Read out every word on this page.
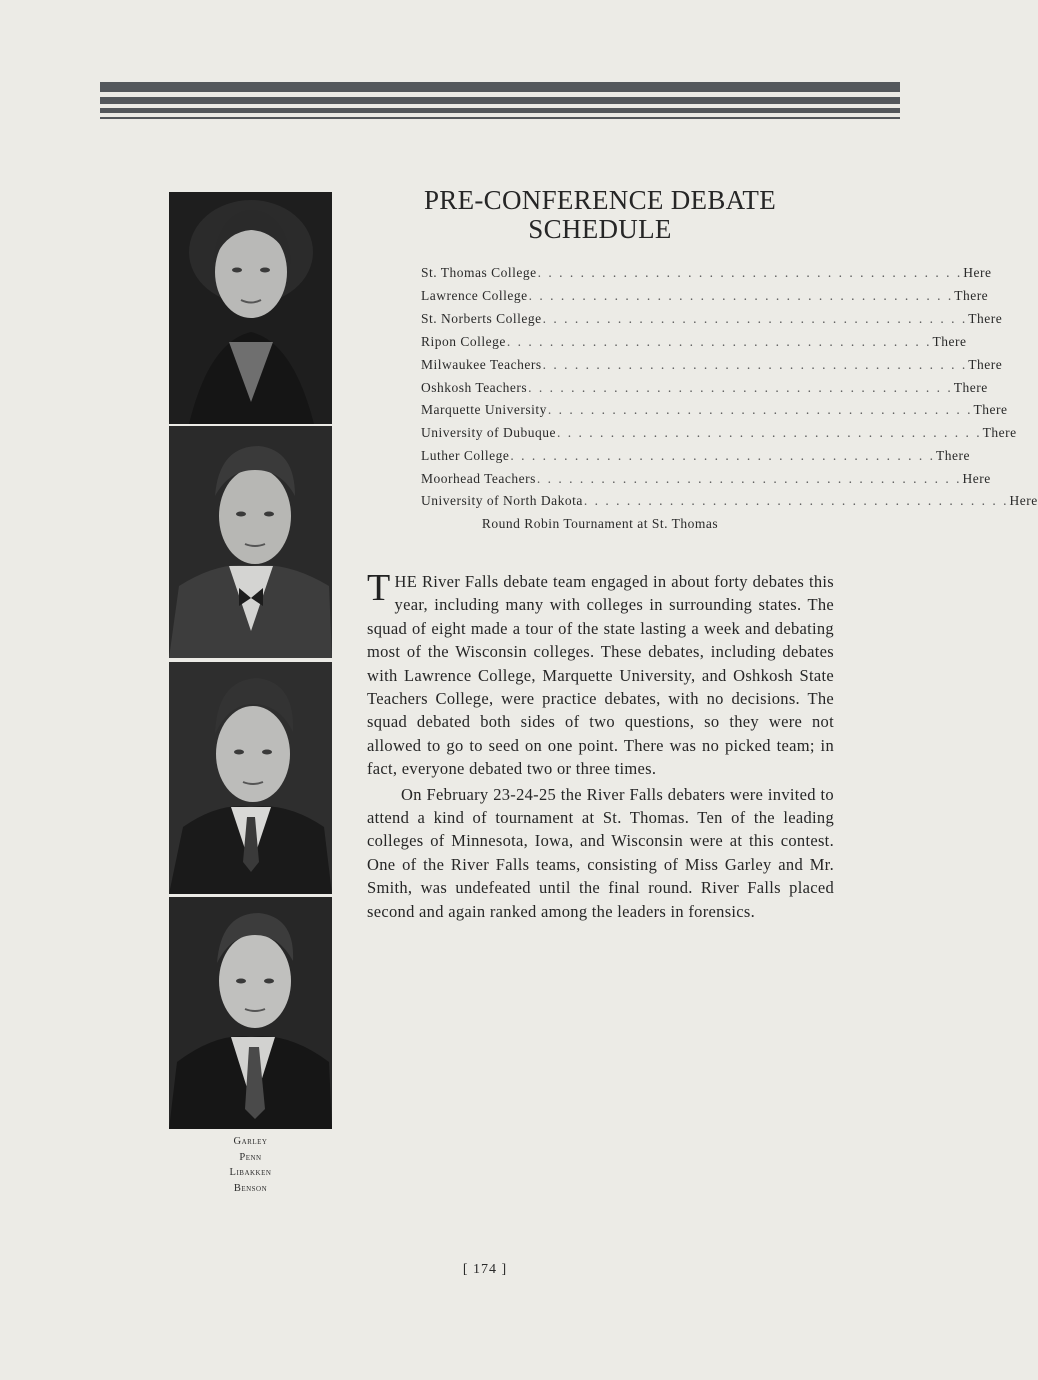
Garley
Penn
Libakken
Benson
PRE-CONFERENCE DEBATE
SCHEDULE
St. Thomas College . . . . . . . . . . . . . . . . . . . . . . . . . . . . . . . . . . . . . . . . Here
Lawrence College . . . . . . . . . . . . . . . . . . . . . . . . . . . . . . . . . . . . . . . . There
St. Norberts College . . . . . . . . . . . . . . . . . . . . . . . . . . . . . . . . . . . . . . . . There
Ripon College . . . . . . . . . . . . . . . . . . . . . . . . . . . . . . . . . . . . . . . . There
Milwaukee Teachers . . . . . . . . . . . . . . . . . . . . . . . . . . . . . . . . . . . . . . . . There
Oshkosh Teachers . . . . . . . . . . . . . . . . . . . . . . . . . . . . . . . . . . . . . . . . There
Marquette University . . . . . . . . . . . . . . . . . . . . . . . . . . . . . . . . . . . . . . . . There
University of Dubuque . . . . . . . . . . . . . . . . . . . . . . . . . . . . . . . . . . . . . . . . There
Luther College . . . . . . . . . . . . . . . . . . . . . . . . . . . . . . . . . . . . . . . . There
Moorhead Teachers . . . . . . . . . . . . . . . . . . . . . . . . . . . . . . . . . . . . . . . . Here
University of North Dakota . . . . . . . . . . . . . . . . . . . . . . . . . . . . . . . . . . . . . . . . Here
Round Robin Tournament at St. Thomas

THE River Falls debate team engaged in about forty debates this year, including many with colleges in surrounding states. The squad of eight made a tour of the state lasting a week and debating most of the Wisconsin colleges. These debates, including debates with Lawrence College, Marquette University, and Oshkosh State Teachers College, were practice debates, with no decisions. The squad debated both sides of two questions, so they were not allowed to go to seed on one point. There was no picked team; in fact, everyone debated two or three times.

On February 23-24-25 the River Falls debaters were invited to attend a kind of tournament at St. Thomas. Ten of the leading colleges of Minnesota, Iowa, and Wisconsin were at this contest. One of the River Falls teams, consisting of Miss Garley and Mr. Smith, was undefeated until the final round. River Falls placed second and again ranked among the leaders in forensics.

[ 174 ]
